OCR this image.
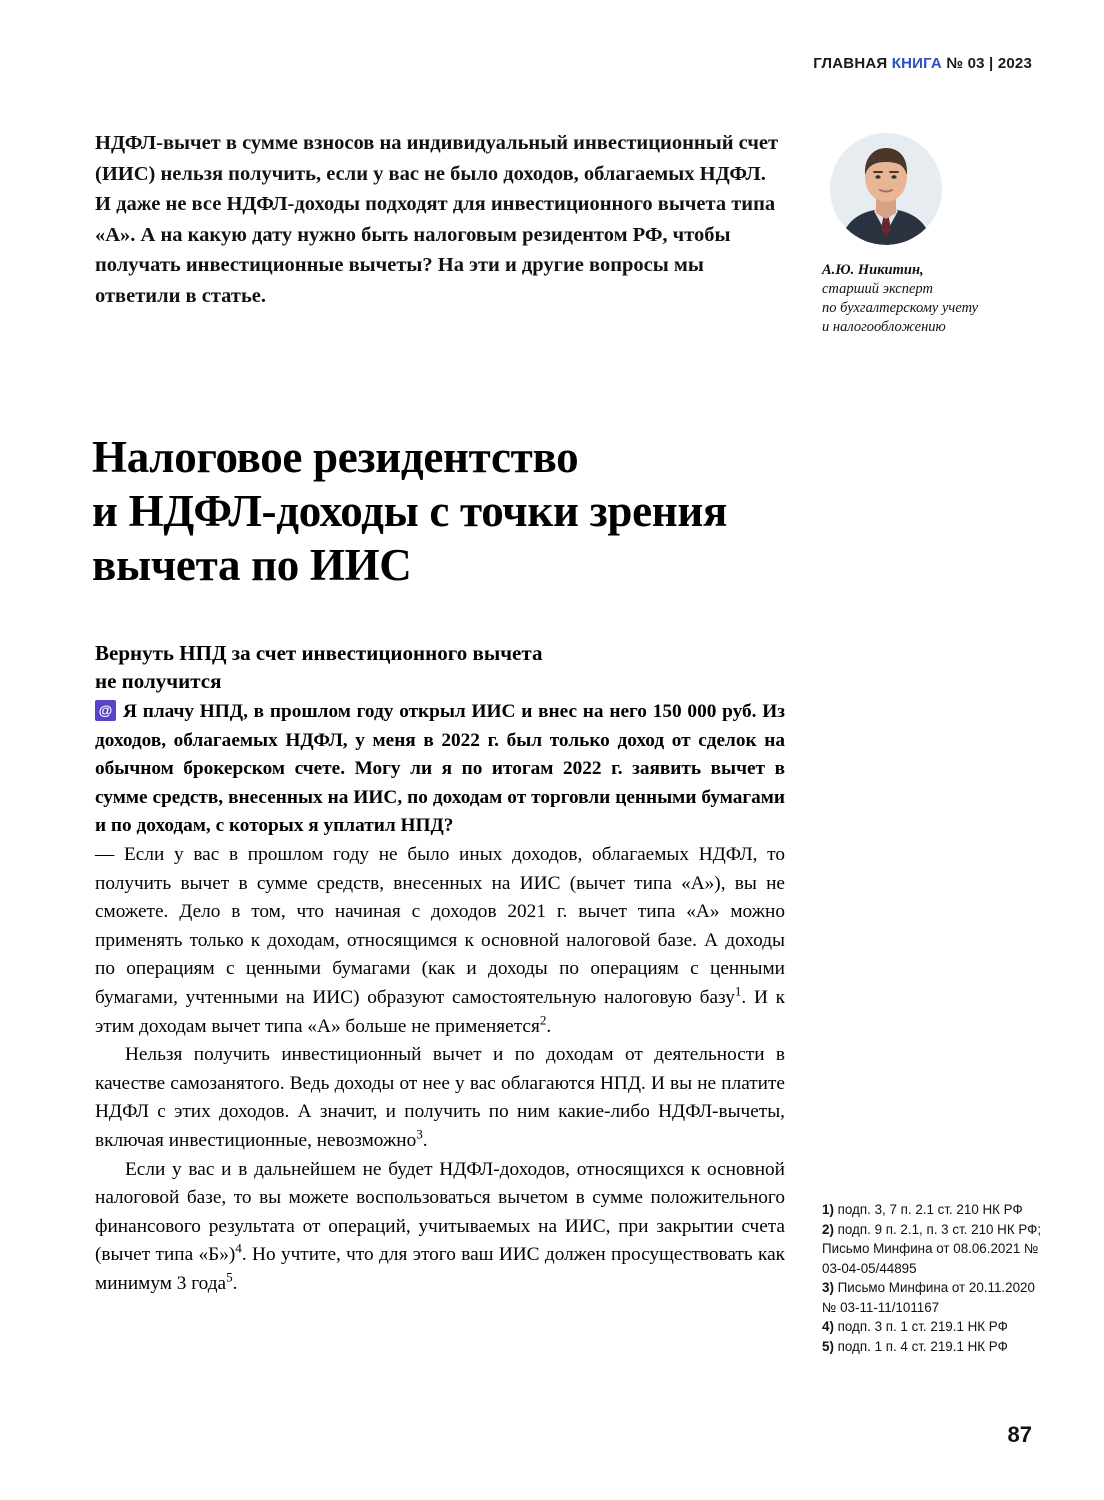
ГЛАВНАЯ КНИГА № 03 | 2023
НДФЛ-вычет в сумме взносов на индивидуальный инвестиционный счет (ИИС) нельзя получить, если у вас не было доходов, облагаемых НДФЛ. И даже не все НДФЛ-доходы подходят для инвестиционного вычета типа «А». А на какую дату нужно быть налоговым резидентом РФ, чтобы получать инвестиционные вычеты? На эти и другие вопросы мы ответили в статье.
А.Ю. Никитин,
старший эксперт
по бухгалтерскому учету
и налогообложению
Налоговое резидентство
и НДФЛ-доходы с точки зрения
вычета по ИИС
Вернуть НПД за счет инвестиционного вычета
не получится

@ Я плачу НПД, в прошлом году открыл ИИС и внес на него 150 000 руб. Из доходов, облагаемых НДФЛ, у меня в 2022 г. был только доход от сделок на обычном брокерском счете. Могу ли я по итогам 2022 г. заявить вычет в сумме средств, внесенных на ИИС, по доходам от торговли ценными бумагами и по доходам, с которых я уплатил НПД?

— Если у вас в прошлом году не было иных доходов, облагаемых НДФЛ, то получить вычет в сумме средств, внесенных на ИИС (вычет типа «А»), вы не сможете. Дело в том, что начиная с доходов 2021 г. вычет типа «А» можно применять только к доходам, относящимся к основной налоговой базе. А доходы по операциям с ценными бумагами (как и доходы по операциям с ценными бумагами, учтенными на ИИС) образуют самостоятельную налоговую базу$^1$. И к этим доходам вычет типа «А» больше не применяется$^2$.

Нельзя получить инвестиционный вычет и по доходам от деятельности в качестве самозанятого. Ведь доходы от нее у вас облагаются НПД. И вы не платите НДФЛ с этих доходов. А значит, и получить по ним какие-либо НДФЛ-вычеты, включая инвестиционные, невозможно$^3$.

Если у вас и в дальнейшем не будет НДФЛ-доходов, относящихся к основной налоговой базе, то вы можете воспользоваться вычетом в сумме положительного финансового результата от операций, учитываемых на ИИС, при закрытии счета (вычет типа «Б»)$^4$. Но учтите, что для этого ваш ИИС должен просуществовать как минимум 3 года$^5$.

1) подп. 3, 7 п. 2.1 ст. 210 НК РФ
2) подп. 9 п. 2.1, п. 3 ст. 210 НК РФ; Письмо Минфина от 08.06.2021 № 03-04-05/44895
3) Письмо Минфина от 20.11.2020 № 03-11-11/101167
4) подп. 3 п. 1 ст. 219.1 НК РФ
5) подп. 1 п. 4 ст. 219.1 НК РФ
87
